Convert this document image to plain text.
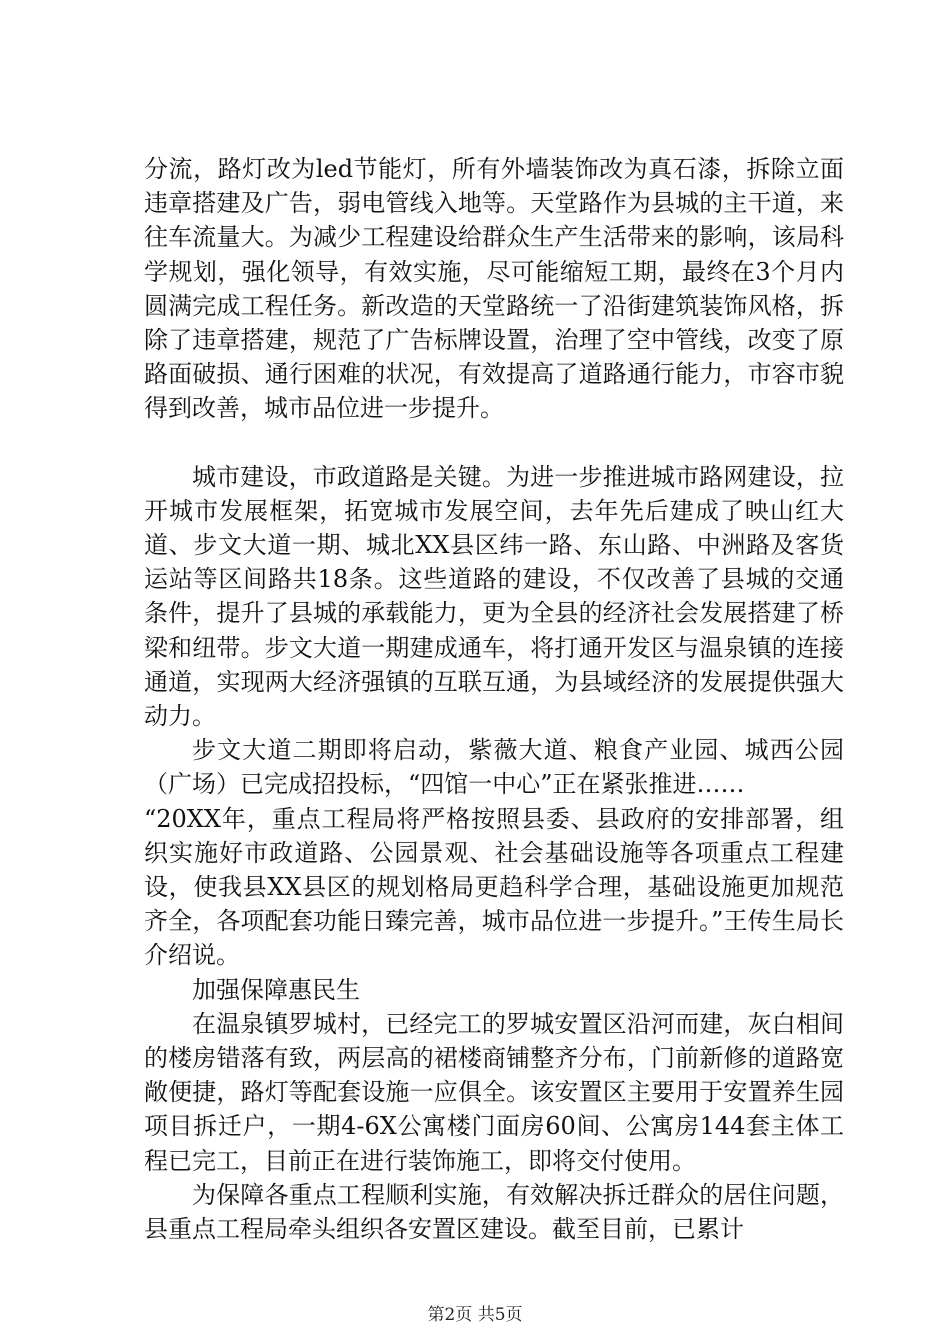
分流，路灯改为led节能灯，所有外墙装饰改为真石漆，拆除立面违章搭建及广告，弱电管线入地等。天堂路作为县城的主干道，来往车流量大。为减少工程建设给群众生产生活带来的影响，该局科学规划，强化领导，有效实施，尽可能缩短工期，最终在3个月内圆满完成工程任务。新改造的天堂路统一了沿街建筑装饰风格，拆除了违章搭建，规范了广告标牌设置，治理了空中管线，改变了原路面破损、通行困难的状况，有效提高了道路通行能力，市容市貌得到改善，城市品位进一步提升。

城市建设，市政道路是关键。为进一步推进城市路网建设，拉开城市发展框架，拓宽城市发展空间，去年先后建成了映山红大道、步文大道一期、城北XX县区纬一路、东山路、中洲路及客货运站等区间路共18条。这些道路的建设，不仅改善了县城的交通条件，提升了县城的承载能力，更为全县的经济社会发展搭建了桥梁和纽带。步文大道一期建成通车，将打通开发区与温泉镇的连接通道，实现两大经济强镇的互联互通，为县域经济的发展提供强大动力。

步文大道二期即将启动，紫薇大道、粮食产业园、城西公园（广场）已完成招投标，“四馆一中心”正在紧张推进……

“20XX年，重点工程局将严格按照县委、县政府的安排部署，组织实施好市政道路、公园景观、社会基础设施等各项重点工程建设，使我县XX县区的规划格局更趋科学合理，基础设施更加规范齐全，各项配套功能日臻完善，城市品位进一步提升。”王传生局长介绍说。

加强保障惠民生

在温泉镇罗城村，已经完工的罗城安置区沿河而建，灰白相间的楼房错落有致，两层高的裙楼商铺整齐分布，门前新修的道路宽敞便捷，路灯等配套设施一应俱全。该安置区主要用于安置养生园项目拆迁户，一期4-6X公寓楼门面房60间、公寓房144套主体工程已完工，目前正在进行装饰施工，即将交付使用。

为保障各重点工程顺利实施，有效解决拆迁群众的居住问题，县重点工程局牵头组织各安置区建设。截至目前，已累计

第2页 共5页
